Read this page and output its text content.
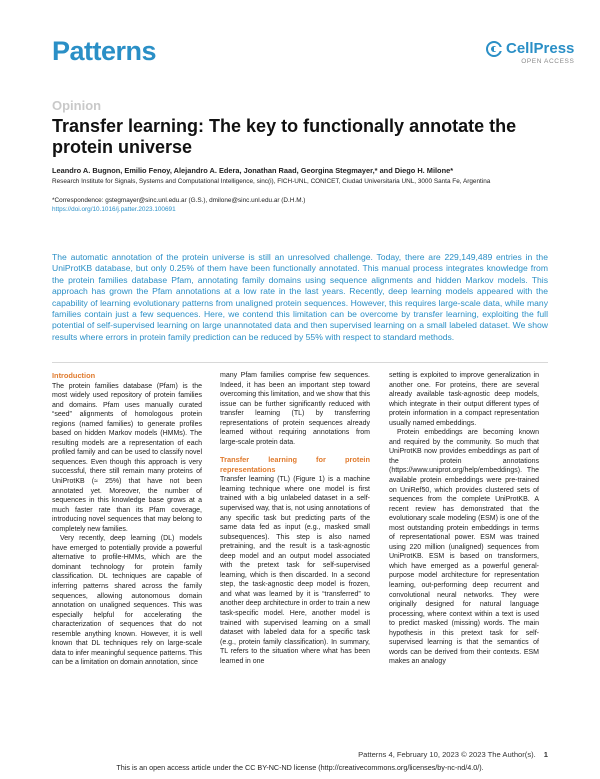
Patterns	CellPress
OPEN ACCESS
Opinion
Transfer learning: The key to functionally annotate the protein universe
Leandro A. Bugnon, Emilio Fenoy, Alejandro A. Edera, Jonathan Raad, Georgina Stegmayer,* and Diego H. Milone*
Research Institute for Signals, Systems and Computational Intelligence, sinc(i), FICH-UNL, CONICET, Ciudad Universitaria UNL, 3000 Santa Fe, Argentina
*Correspondence: gstegmayer@sinc.unl.edu.ar (G.S.), dmilone@sinc.unl.edu.ar (D.H.M.)
https://doi.org/10.1016/j.patter.2023.100691
The automatic annotation of the protein universe is still an unresolved challenge. Today, there are 229,149,489 entries in the UniProtKB database, but only 0.25% of them have been functionally annotated. This manual process integrates knowledge from the protein families database Pfam, annotating family domains using sequence alignments and hidden Markov models. This approach has grown the Pfam annotations at a low rate in the last years. Recently, deep learning models appeared with the capability of learning evolutionary patterns from unaligned protein sequences. However, this requires large-scale data, while many families contain just a few sequences. Here, we contend this limitation can be overcome by transfer learning, exploiting the full potential of self-supervised learning on large unannotated data and then supervised learning on a small labeled dataset. We show results where errors in protein family prediction can be reduced by 55% with respect to standard methods.
Introduction

The protein families database (Pfam) is the most widely used repository of protein families and domains. Pfam uses manually curated “seed” alignments of homologous protein regions (named families) to generate profiles based on hidden Markov models (HMMs). The resulting models are a representation of each profiled family and can be used to classify novel sequences. Even though this approach is very successful, there still remain many proteins of UniProtKB (≈ 25%) that have not been annotated yet. Moreover, the number of sequences in this knowledge base grows at a much faster rate than its Pfam coverage, introducing novel sequences that may belong to completely new families.

Very recently, deep learning (DL) models have emerged to potentially provide a powerful alternative to profile-HMMs, which are the dominant technology for protein family classification. DL techniques are capable of inferring patterns shared across the family sequences, allowing autonomous domain annotation on unaligned sequences. This was especially helpful for accelerating the characterization of sequences that do not resemble anything known. However, it is well known that DL techniques rely on large-scale data to infer meaningful sequence patterns. This can be a limitation on domain annotation, since

many Pfam families comprise few sequences. Indeed, it has been an important step toward overcoming this limitation, and we show that this issue can be further significantly reduced with transfer learning (TL) by transferring representations of protein sequences already learned without requiring annotations from large-scale protein data.

Transfer learning for protein representations

Transfer learning (TL) (Figure 1) is a machine learning technique where one model is first trained with a big unlabeled dataset in a self-supervised way, that is, not using annotations of any specific task but predicting parts of the same data fed as input (e.g., masked small subsequences). This step is also named pretraining, and the result is a task-agnostic deep model and an output model associated with the pretext task for self-supervised learning, which is then discarded. In a second step, the task-agnostic deep model is frozen, and what was learned by it is “transferred” to another deep architecture in order to train a new task-specific model. Here, another model is trained with supervised learning on a small dataset with labeled data for a specific task (e.g., protein family classification). In summary, TL refers to the situation where what has been learned in one

setting is exploited to improve generalization in another one. For proteins, there are several already available task-agnostic deep models, which integrate in their output different types of protein information in a compact representation usually named embeddings.

Protein embeddings are becoming known and required by the community. So much that UniProtKB now provides embeddings as part of the protein annotations (https://www.uniprot.org/help/embeddings). The available protein embeddings were pre-trained on UniRef50, which provides clustered sets of sequences from the complete UniProtKB. A recent review has demonstrated that the evolutionary scale modeling (ESM) is one of the most outstanding protein embeddings in terms of representational power. ESM was trained using 220 million (unaligned) sequences from UniProtKB. ESM is based on transformers, which have emerged as a powerful general-purpose model architecture for representation learning, out-performing deep recurrent and convolutional neural networks. They were originally designed for natural language processing, where context within a text is used to predict masked (missing) words. The main hypothesis in this pretext task for self-supervised learning is that the semantics of words can be derived from their contexts. ESM makes an analogy

Patterns 4, February 10, 2023 © 2023 The Author(s). 1
This is an open access article under the CC BY-NC-ND license (http://creativecommons.org/licenses/by-nc-nd/4.0/).
